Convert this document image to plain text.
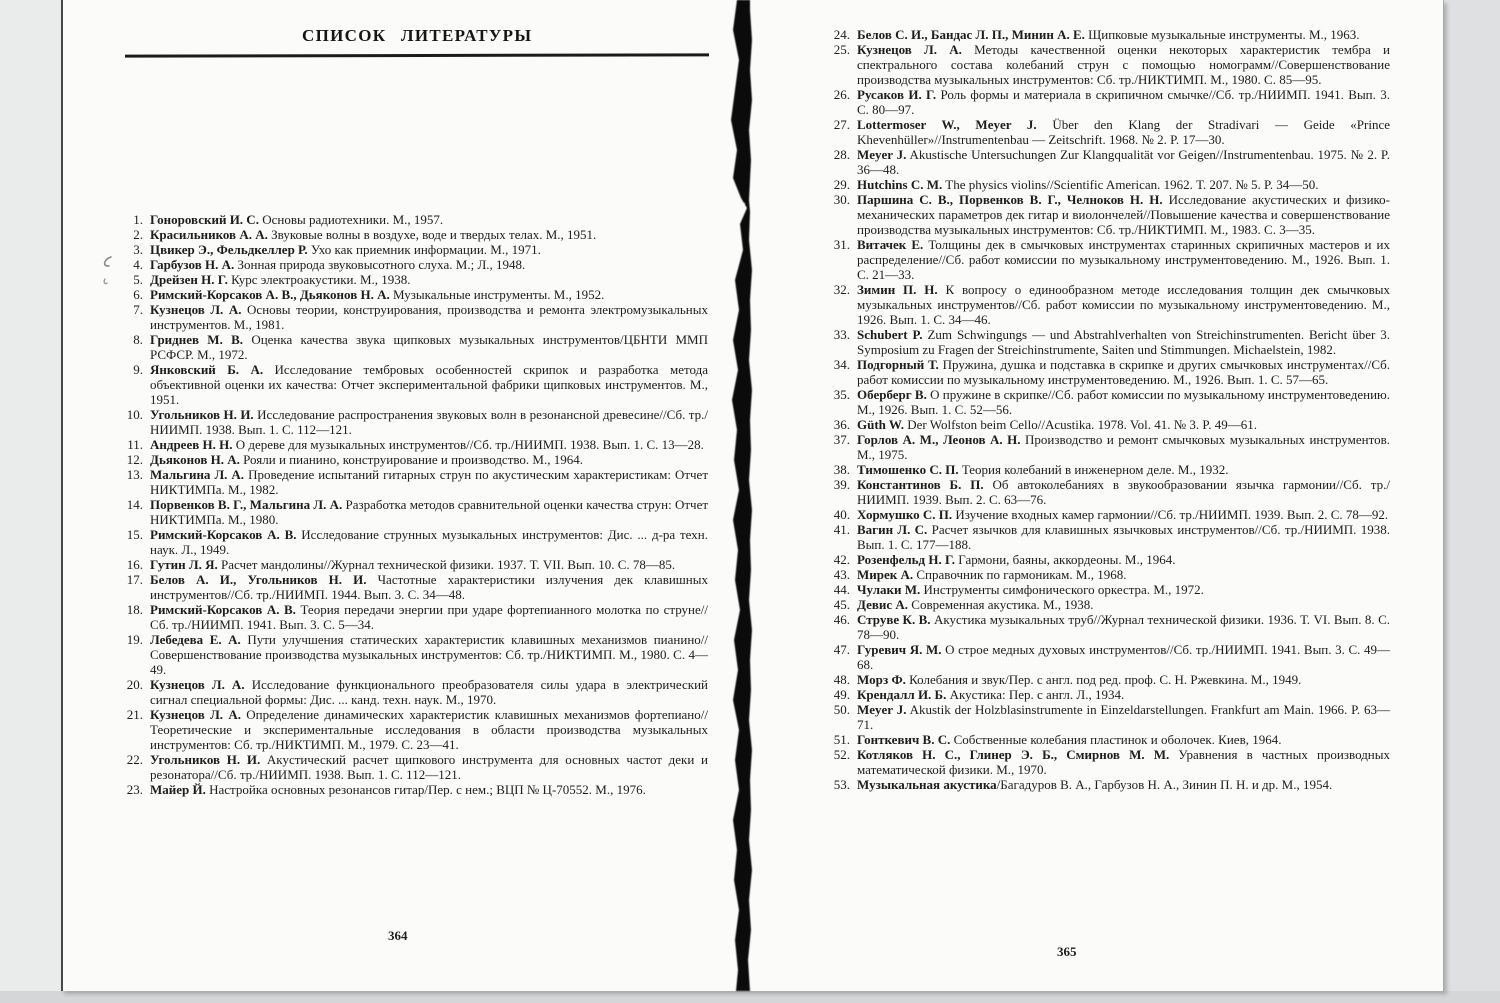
СПИСОК ЛИТЕРАТУРЫ
1. Гоноровский И. С. Основы радиотехники. М., 1957.
2. Красильников А. А. Звуковые волны в воздухе, воде и твердых телах. М., 1951.
3. Цвикер Э., Фельдкеллер Р. Ухо как приемник информации. М., 1971.
4. Гарбузов Н. А. Зонная природа звуковысотного слуха. М.; Л., 1948.
5. Дрейзен Н. Г. Курс электроакустики. М., 1938.
6. Римский-Корсаков А. В., Дьяконов Н. А. Музыкальные инструменты. М., 1952.
7. Кузнецов Л. А. Основы теории, конструирования, производства и ремонта электромузыкальных инструментов. М., 1981.
8. Гриднев М. В. Оценка качества звука щипковых музыкальных инструментов/ЦБНТИ ММП РСФСР. М., 1972.
9. Янковский Б. А. Исследование тембровых особенностей скрипок и разработка метода объективной оценки их качества: Отчет экспериментальной фабрики щипковых инструментов. М., 1951.
10. Угольников Н. И. Исследование распространения звуковых волн в резонансной древесине//Сб. тр./НИИМП. 1938. Вып. 1. С. 112—121.
11. Андреев Н. Н. О дереве для музыкальных инструментов//Сб. тр./НИИМП. 1938. Вып. 1. С. 13—28.
12. Дьяконов Н. А. Рояли и пианино, конструирование и производство. М., 1964.
13. Мальгина Л. А. Проведение испытаний гитарных струн по акустическим характеристикам: Отчет НИКТИМПа. М., 1982.
14. Порвенков В. Г., Мальгина Л. А. Разработка методов сравнительной оценки качества струн: Отчет НИКТИМПа. М., 1980.
15. Римский-Корсаков А. В. Исследование струнных музыкальных инструментов: Дис. ... д-ра техн. наук. Л., 1949.
16. Гутин Л. Я. Расчет мандолины//Журнал технической физики. 1937. Т. VII. Вып. 10. С. 78—85.
17. Белов А. И., Угольников Н. И. Частотные характеристики излучения дек клавишных инструментов//Сб. тр./НИИМП. 1944. Вып. 3. С. 34—48.
18. Римский-Корсаков А. В. Теория передачи энергии при ударе фортепианного молотка по струне//Сб. тр./НИИМП. 1941. Вып. 3. С. 5—34.
19. Лебедева Е. А. Пути улучшения статических характеристик клавишных механизмов пианино//Совершенствование производства музыкальных инструментов: Сб. тр./НИКТИМП. М., 1980. С. 4—49.
20. Кузнецов Л. А. Исследование функционального преобразователя силы удара в электрический сигнал специальной формы: Дис. ... канд. техн. наук. М., 1970.
21. Кузнецов Л. А. Определение динамических характеристик клавишных механизмов фортепиано//Теоретические и экспериментальные исследования в области производства музыкальных инструментов: Сб. тр./НИКТИМП. М., 1979. С. 23—41.
22. Угольников Н. И. Акустический расчет щипкового инструмента для основных частот деки и резонатора//Сб. тр./НИИМП. 1938. Вып. 1. С. 112—121.
23. Майер Й. Настройка основных резонансов гитар/Пер. с нем.; ВЦП № Ц-70552. М., 1976.
364
24. Белов С. И., Бандас Л. П., Минин А. Е. Щипковые музыкальные инструменты. М., 1963.
25. Кузнецов Л. А. Методы качественной оценки некоторых характеристик тембра и спектрального состава колебаний струн с помощью номограмм//Совершенствование производства музыкальных инструментов: Сб. тр./НИКТИМП. М., 1980. С. 85—95.
26. Русаков И. Г. Роль формы и материала в скрипичном смычке//Сб. тр./НИИМП. 1941. Вып. 3. С. 80—97.
27. Lottermoser W., Meyer J. Über den Klang der Stradivari — Geide «Prince Khevenhüller»//Instrumentenbau — Zeitschrift. 1968. № 2. P. 17—30.
28. Meyer J. Akustische Untersuchungen Zur Klangqualität vor Geigen//Instrumentenbau. 1975. № 2. P. 36—48.
29. Hutchins C. M. The physics violins//Scientific American. 1962. Т. 207. № 5. P. 34—50.
30. Паршина С. В., Порвенков В. Г., Челноков Н. Н. Исследование акустических и физико-механических параметров дек гитар и виолончелей//Повышение качества и совершенствование производства музыкальных инструментов: Сб. тр./НИКТИМП. М., 1983. С. 3—35.
31. Витачек Е. Толщины дек в смычковых инструментах старинных скрипичных мастеров и их распределение//Сб. работ комиссии по музыкальному инструментоведению. М., 1926. Вып. 1. С. 21—33.
32. Зимин П. Н. К вопросу о единообразном методе исследования толщин дек смычковых музыкальных инструментов//Сб. работ комиссии по музыкальному инструментоведению. М., 1926. Вып. 1. С. 34—46.
33. Schubert P. Zum Schwingungs — und Abstrahlverhalten von Streichinstrumenten. Bericht über 3. Symposium zu Fragen der Streichinstrumente, Saiten und Stimmungen. Michaelstein, 1982.
34. Подгорный Т. Пружина, душка и подставка в скрипке и других смычковых инструментах//Сб. работ комиссии по музыкальному инструментоведению. М., 1926. Вып. 1. С. 57—65.
35. Оберберг В. О пружине в скрипке//Сб. работ комиссии по музыкальному инструментоведению. М., 1926. Вып. 1. С. 52—56.
36. Güth W. Der Wolfston beim Cello//Acustika. 1978. Vol. 41. № 3. P. 49—61.
37. Горлов А. М., Леонов А. Н. Производство и ремонт смычковых музыкальных инструментов. М., 1975.
38. Тимошенко С. П. Теория колебаний в инженерном деле. М., 1932.
39. Константинов Б. П. Об автоколебаниях в звукообразовании язычка гармонии//Сб. тр./НИИМП. 1939. Вып. 2. С. 63—76.
40. Хормушко С. П. Изучение входных камер гармонии//Сб. тр./НИИМП. 1939. Вып. 2. С. 78—92.
41. Вагин Л. С. Расчет язычков для клавишных язычковых инструментов//Сб. тр./НИИМП. 1938. Вып. 1. С. 177—188.
42. Розенфельд Н. Г. Гармони, баяны, аккордеоны. М., 1964.
43. Мирек А. Справочник по гармоникам. М., 1968.
44. Чулаки М. Инструменты симфонического оркестра. М., 1972.
45. Девис А. Современная акустика. М., 1938.
46. Струве К. В. Акустика музыкальных труб//Журнал технической физики. 1936. Т. VI. Вып. 8. С. 78—90.
47. Гуревич Я. М. О строе медных духовых инструментов//Сб. тр./НИИМП. 1941. Вып. 3. С. 49—68.
48. Морз Ф. Колебания и звук/Пер. с англ. под ред. проф. С. Н. Ржевкина. М., 1949.
49. Крендалл И. Б. Акустика: Пер. с англ. Л., 1934.
50. Meyer J. Akustik der Holzblasinstrumente in Einzeldarstellungen. Frankfurt am Main. 1966. P. 63—71.
51. Гонткевич В. С. Собственные колебания пластинок и оболочек. Киев, 1964.
52. Котляков Н. С., Глинер Э. Б., Смирнов М. М. Уравнения в частных производных математической физики. М., 1970.
53. Музыкальная акустика/Багадуров В. А., Гарбузов Н. А., Зинин П. Н. и др. М., 1954.
365
